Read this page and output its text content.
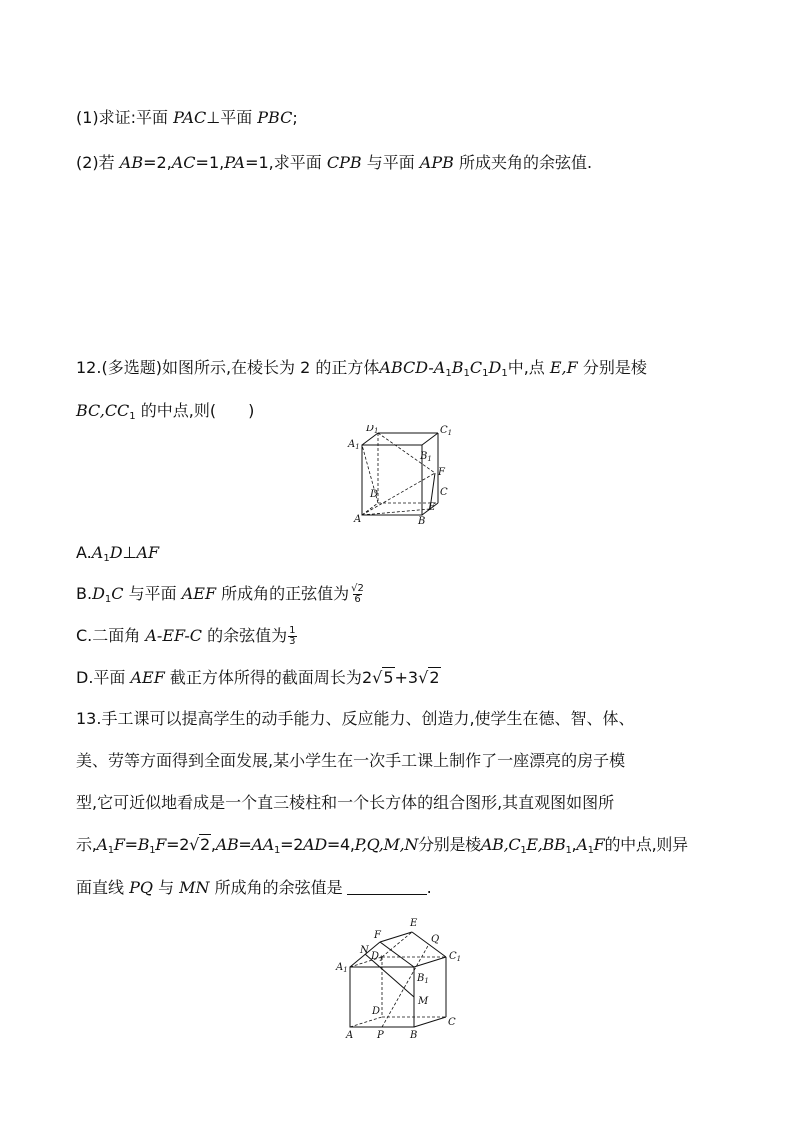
(1)求证:平面 PAC⊥平面 PBC;
(2)若 AB=2,AC=1,PA=1,求平面 CPB 与平面 APB 所成夹角的余弦值.
12.(多选题)如图所示,在棱长为 2 的正方体ABCD-$A_1B_1C_1D_1$中,点 E,F 分别是棱
$BC,CC_1$ 的中点,则(　　)
$D_1$	$C_1$
$A_1$
$B_1$
F
C
D
E
A	B
$A.A_1D\perp AF$
$B.D_1C$ 与平面 AEF 所成角的正弦值为 $\frac{√2}{6}$
C.二面角 A-EF-C 的余弦值为 $\frac{1}{3}$
D.平面 AEF 截正方体所得的截面周长为2√5+3√2
13.手工课可以提高学生的动手能力、反应能力、创造力,使学生在德、智、体、
美、劳等方面得到全面发展,某小学生在一次手工课上制作了一座漂亮的房子模
型,它可近似地看成是一个直三棱柱和一个长方体的组合图形,其直观图如图所
示$,A_1F=B_1F=2√2,AB=AA_1=2AD=4,P,Q,M,N$分别是棱$AB,C_1E,BB_1,A_1F$的中点,则异
面直线 PQ 与 MN 所成角的余弦值是	.
E
F	Q
N
$D_1$	$C_1$
$A_1$
$B_1$
M
D
C
A P	B
